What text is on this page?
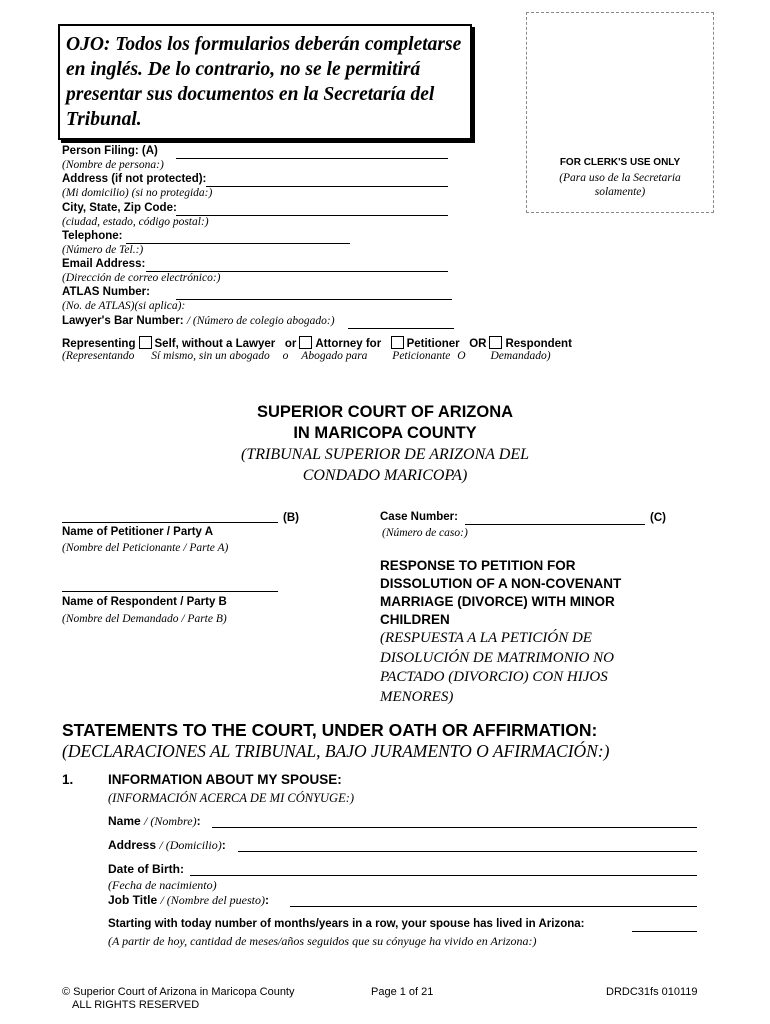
OJO: Todos los formularios deberán completarse en inglés. De lo contrario, no se le permitirá presentar sus documentos en la Secretaría del Tribunal.
FOR CLERK'S USE ONLY
(Para uso de la Secretaria solamente)
Person Filing: (A)
(Nombre de persona:)
Address (if not protected):
(Mi domicilio) (si no protegida:)
City, State, Zip Code:
(ciudad, estado, código postal:)
Telephone:
(Número de Tel.:)
Email Address:
(Dirección de correo electrónico:)
ATLAS Number:
(No. de ATLAS)(si aplica):
Lawyer's Bar Number: / (Número de colegio abogado:)
Representing Self, without a Lawyer or Attorney for Petitioner OR Respondent
(Representando Sí mismo, sin un abogado o Abogado para Peticionante O Demandado)
SUPERIOR COURT OF ARIZONA
IN MARICOPA COUNTY
(TRIBUNAL SUPERIOR DE ARIZONA DEL
CONDADO MARICOPA)
(B)
Name of Petitioner / Party A
(Nombre del Peticionante / Parte A)
Name of Respondent / Party B
(Nombre del Demandado / Parte B)
Case Number:	(C)
(Número de caso:)
RESPONSE TO PETITION FOR
DISSOLUTION OF A NON-COVENANT
MARRIAGE (DIVORCE) WITH MINOR
CHILDREN
(RESPUESTA A LA PETICIÓN DE
DISOLUCIÓN DE MATRIMONIO NO
PACTADO (DIVORCIO) CON HIJOS
MENORES)
STATEMENTS TO THE COURT, UNDER OATH OR AFFIRMATION:
(DECLARACIONES AL TRIBUNAL, BAJO JURAMENTO O AFIRMACIÓN:)
1.	INFORMATION ABOUT MY SPOUSE:
(INFORMACIÓN ACERCA DE MI CÓNYUGE:)
Name / (Nombre):
Address / (Domicilio):
Date of Birth:
(Fecha de nacimiento)
Job Title / (Nombre del puesto):
Starting with today number of months/years in a row, your spouse has lived in Arizona:
(A partir de hoy, cantidad de meses/años seguidos que su cónyuge ha vivido en Arizona:)
© Superior Court of Arizona in Maricopa County
ALL RIGHTS RESERVED
Page 1 of 21	DRDC31fs 010119
